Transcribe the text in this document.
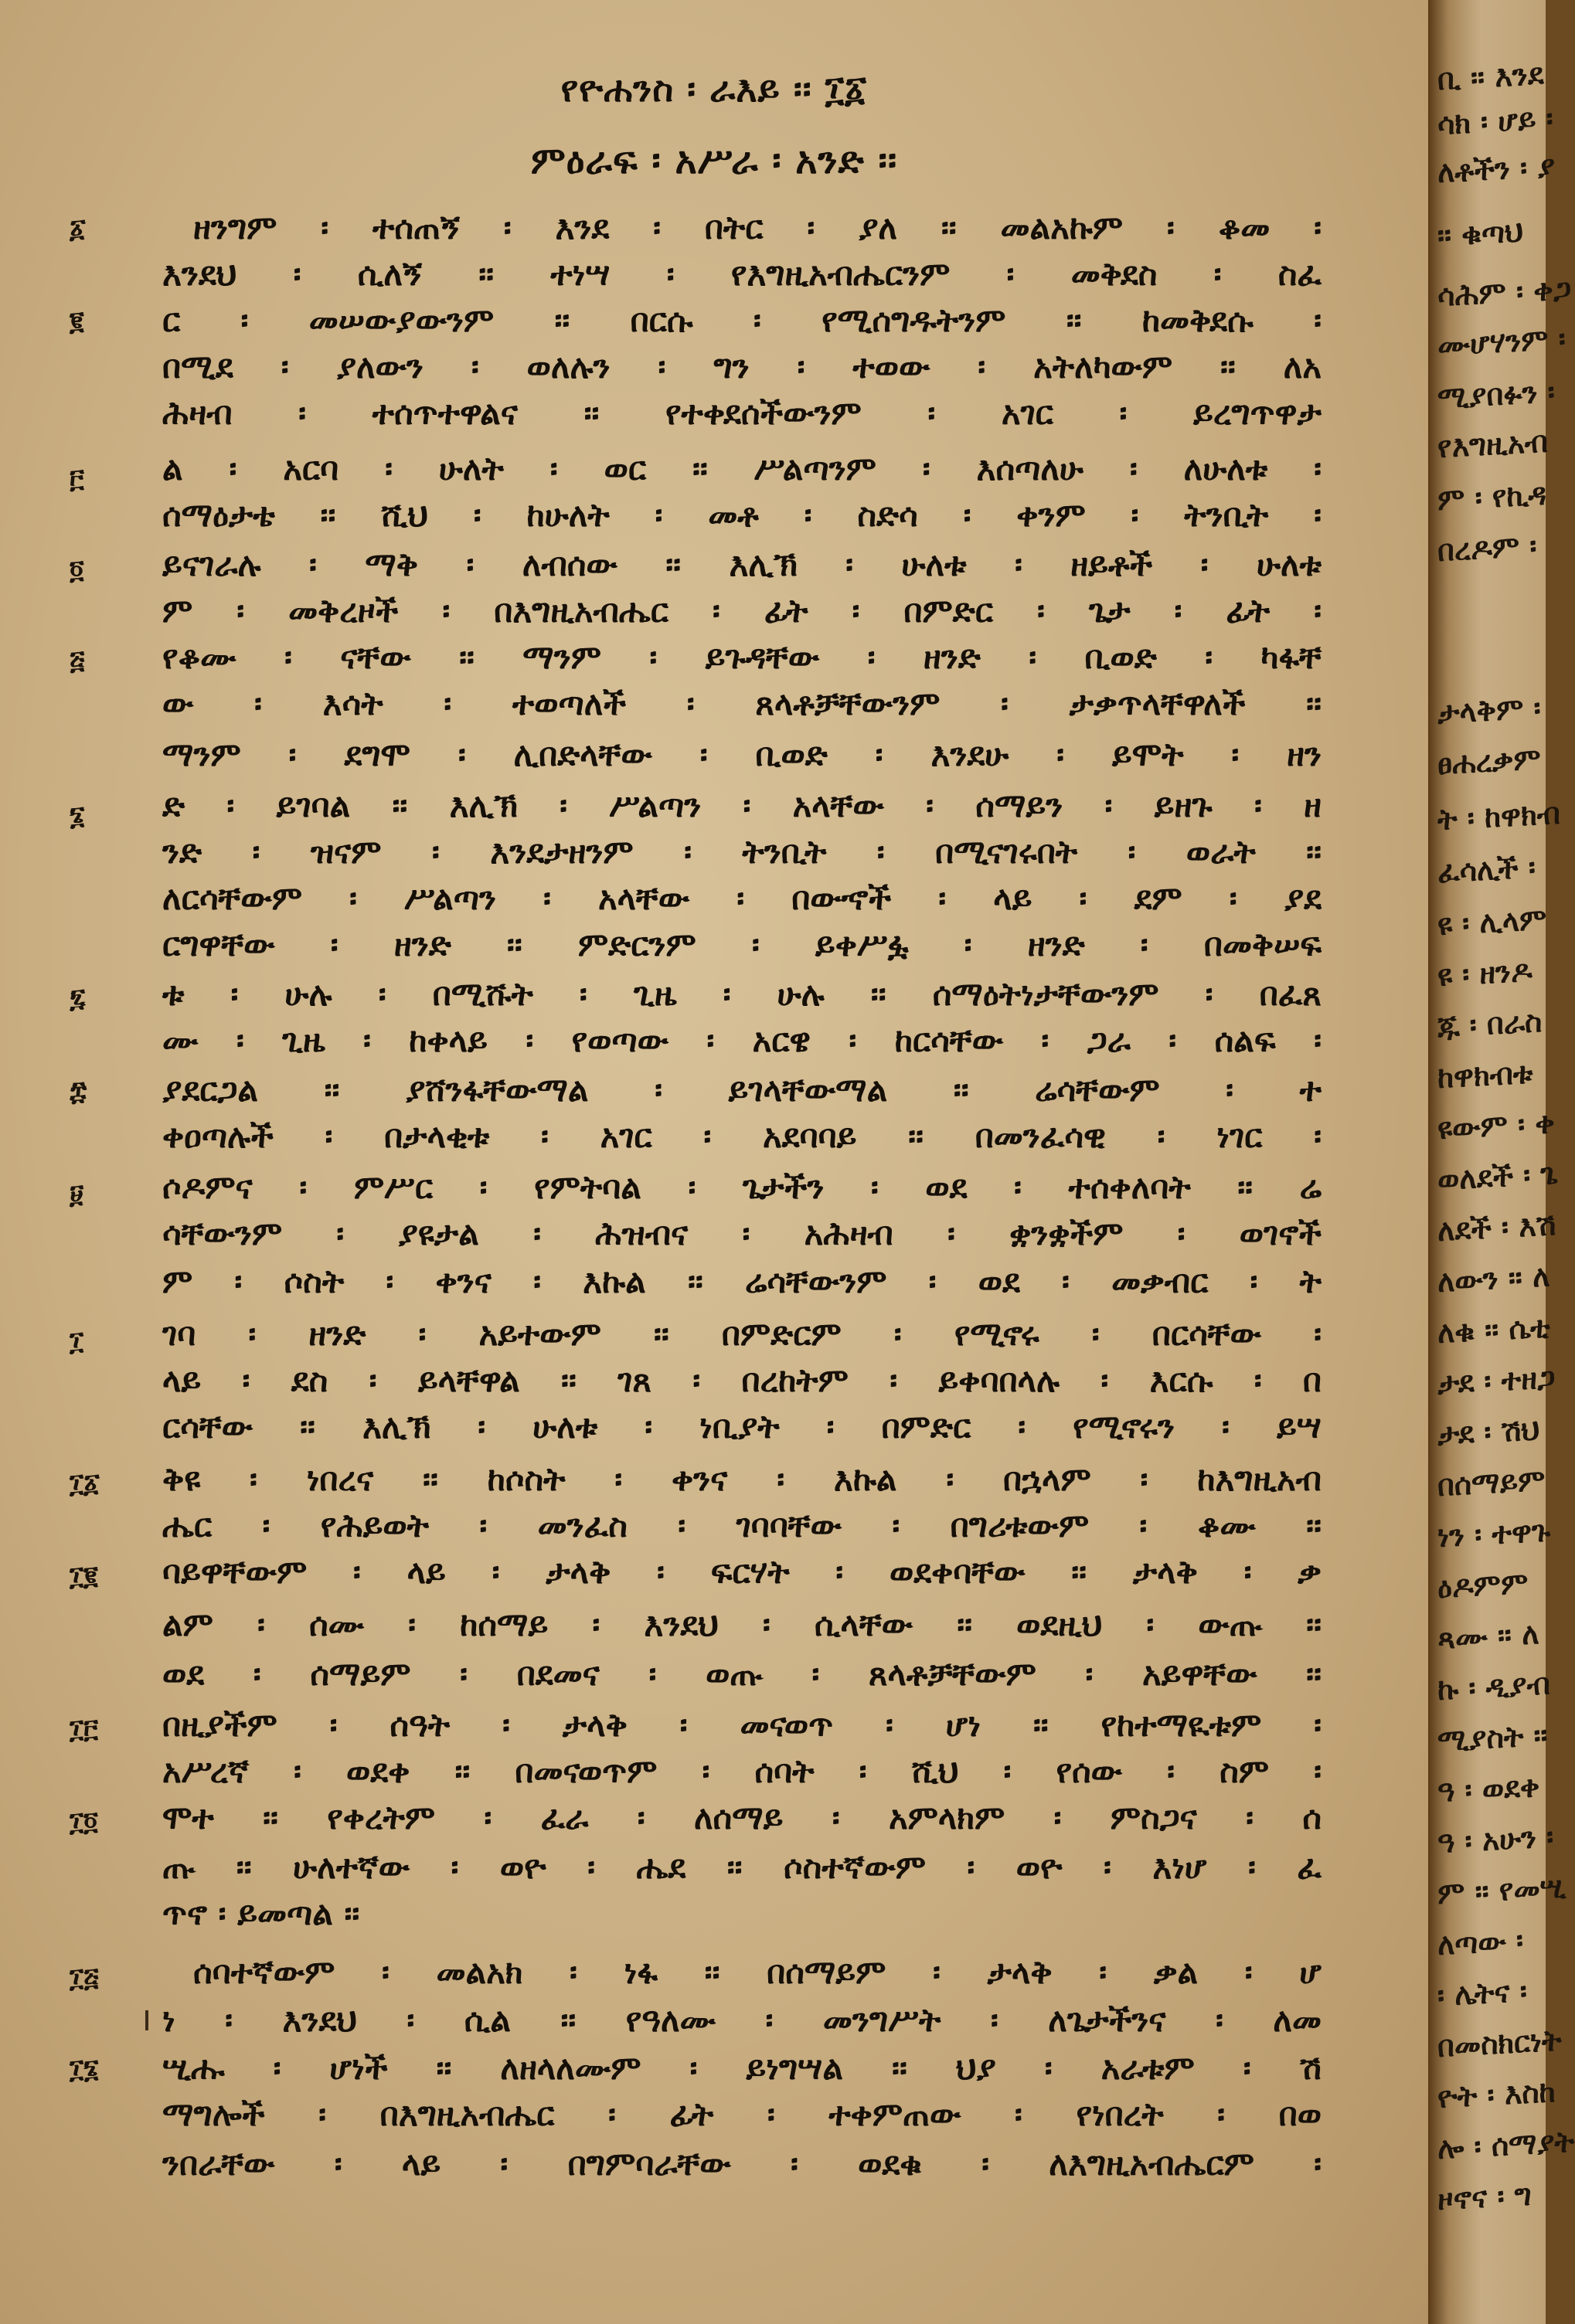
የዮሐንስ ፡ ራእይ ፡፡ ፲፩
ምዕራፍ ፡ አሥራ ፡ አንድ ፡፡
፩
፪
፫
፬
፭
፮
፯
፰
፱
፲
፲፩
፲፪
፲፫
፲፬
፲፭
፲፮
ዘንግም ፡ ተሰጠኝ ፡ እንደ ፡ በትር ፡ ያለ ፡፡ መልአኩም ፡ ቆመ ፡
እንደህ ፡ ሲለኝ ፡፡ ተነሣ ፡ የእግዚአብሔርንም ፡ መቅደስ ፡ ስፈ
ር ፡ መሠውያውንም ፡፡ በርሱ ፡ የሚሰግዱትንም ፡፡ ከመቅደሱ ፡
በሚደ ፡ ያለውን ፡ ወለሉን ፡ ግን ፡ ተወው ፡ አትለካውም ፡፡ ለአ
ሕዛብ ፡ ተሰጥተዋልና ፡፡ የተቀደሰችውንም ፡ አገር ፡ ይረግጥዋታ
ል ፡ አርባ ፡ ሁለት ፡ ወር ፡፡ ሥልጣንም ፡ እሰጣለሁ ፡ ለሁለቱ ፡
ሰማዕታቴ ፡፡ ሺህ ፡ ከሁለት ፡ መቶ ፡ ስድሳ ፡ ቀንም ፡ ትንቢት ፡
ይናገራሉ ፡ ማቅ ፡ ለብሰው ፡፡ እሊኽ ፡ ሁለቱ ፡ ዘይቶች ፡ ሁለቱ
ም ፡ መቅረዞች ፡ በእግዚአብሔር ፡ ፊት ፡ በምድር ፡ ጌታ ፡ ፊት ፡
የቆሙ ፡ ናቸው ፡፡ ማንም ፡ ይጉዳቸው ፡ ዘንድ ፡ ቢወድ ፡ ካፋቸ
ው ፡ እሳት ፡ ተወጣለች ፡ ጸላቶቻቸውንም ፡ ታቃጥላቸዋለች ፡፡
ማንም ፡ ደግሞ ፡ ሊበድላቸው ፡ ቢወድ ፡ እንደሁ ፡ ይሞት ፡ ዘን
ድ ፡ ይገባል ፡፡ እሊኽ ፡ ሥልጣን ፡ አላቸው ፡ ሰማይን ፡ ይዘጉ ፡ ዘ
ንድ ፡ ዝናም ፡ እንደታዘንም ፡ ትንቢት ፡ በሚናገሩበት ፡ ወራት ፡፡
ለርሳቸውም ፡ ሥልጣን ፡ አላቸው ፡ በውኆች ፡ ላይ ፡ ደም ፡ ያደ
ርግዋቸው ፡ ዘንድ ፡፡ ምድርንም ፡ ይቀሥፏ ፡ ዘንድ ፡ በመቅሠፍ
ቱ ፡ ሁሉ ፡ በሚሹት ፡ ጊዜ ፡ ሁሉ ፡፡ ሰማዕትነታቸውንም ፡ በፈጸ
ሙ ፡ ጊዜ ፡ ከቀላይ ፡ የወጣው ፡ አርዌ ፡ ከርሳቸው ፡ ጋራ ፡ ሰልፍ ፡
ያደርጋል ፡፡ ያሸንፋቸውማል ፡ ይገላቸውማል ፡፡ ሬሳቸውም ፡ ተ
ቀዐጣሉች ፡ በታላቂቱ ፡ አገር ፡ አደባባይ ፡፡ በመንፈሳዊ ፡ ነገር ፡
ሶዶምና ፡ ምሥር ፡ የምትባል ፡ ጌታችን ፡ ወደ ፡ ተሰቀለባት ፡፡ ሬ
ሳቸውንም ፡ ያዩታል ፡ ሕዝብና ፡ አሕዛብ ፡ ቋንቋችም ፡ ወገኖች
ም ፡ ሶስት ፡ ቀንና ፡ እኩል ፡፡ ሬሳቸውንም ፡ ወደ ፡ መቃብር ፡ ት
ገባ ፡ ዘንድ ፡ አይተውም ፡፡ በምድርም ፡ የሚኖሩ ፡ በርሳቸው ፡
ላይ ፡ ደስ ፡ ይላቸዋል ፡፡ ገጸ ፡ በረከትም ፡ ይቀባበላሉ ፡ እርሱ ፡ በ
ርሳቸው ፡፡ እሊኽ ፡ ሁለቱ ፡ ነቢያት ፡ በምድር ፡ የሚኖሩን ፡ ይሣ
ቅዩ ፡ ነበረና ፡፡ ከሶስት ፡ ቀንና ፡ እኩል ፡ በኋላም ፡ ከእግዚአብ
ሔር ፡ የሕይወት ፡ መንፈስ ፡ ገባባቸው ፡ በግሪቱውም ፡ ቆሙ ፡፡
ባይዋቸውም ፡ ላይ ፡ ታላቅ ፡ ፍርሃት ፡ ወደቀባቸው ፡፡ ታላቅ ፡ ቃ
ልም ፡ ሰሙ ፡ ከሰማይ ፡ እንደህ ፡ ሲላቸው ፡፡ ወደዚህ ፡ ውጡ ፡፡
ወደ ፡ ሰማይም ፡ በደመና ፡ ወጡ ፡ ጸላቶቻቸውም ፡ አይዋቸው ፡፡
በዚያችም ፡ ሰዓት ፡ ታላቅ ፡ መናወጥ ፡ ሆነ ፡፡ የከተማዪቱም ፡
አሥረኛ ፡ ወደቀ ፡፡ በመናወጥም ፡ ሰባት ፡ ሺህ ፡ የሰው ፡ ስም ፡
ሞተ ፡፡ የቀረትም ፡ ፈራ ፡ ለሰማይ ፡ አምላክም ፡ ምስጋና ፡ ሰ
ጡ ፡፡ ሁለተኛው ፡ ወዮ ፡ ሔደ ፡፡ ሶስተኛውም ፡ ወዮ ፡ እነሆ ፡ ፈ
ጥኖ ፡ ይመጣል ፡፡
ሰባተኛውም ፡ መልአክ ፡ ነፋ ፡፡ በሰማይም ፡ ታላቅ ፡ ቃል ፡ ሆ
ነ ፡ እንደህ ፡ ሲል ፡፡ የዓለሙ ፡ መንግሥት ፡ ለጌታችንና ፡ ለመ
ሢሑ ፡ ሆነች ፡፡ ለዘላለሙም ፡ ይነግሣል ፡፡ ህያ ፡ አራቱም ፡ ሽ
ማግሎች ፡ በእግዚአብሔር ፡ ፊት ፡ ተቀምጠው ፡ የነበረት ፡ በወ
ንበራቸው ፡ ላይ ፡ በግምባራቸው ፡ ወደቁ ፡ ለእግዚአብሔርም ፡
ቢ ፡፡ እንደ
ሳክ ፡ ሆይ ፡
ለቶችን ፡ ያ
፡፡ ቁጣህ
ሳሕም ፡ ቀጋ
ሙሆሃንም ፡
ሚያበፉን ፡
የእግዚአብ
ም ፡ የኪዳ
በረዶም ፡
ታላቅም ፡
ፀሐረቃም
ት ፡ ከዋክብ
ፈሳሊች ፡
ዩ ፡ ሊላም
ዩ ፡ ዘንዶ
ጁ ፡ በራስ
ከዋክብቱ
ዩውም ፡ ቀ
ወለደች ፡ ጌ
ለደች ፡ እሽ
ለውን ፡፡ ለ
ለቁ ፡፡ ሴቲ
ታደ ፡ ተዘጋ
ታደ ፡ ሽህ
በሰማይም
ነን ፡ ተዋጉ
ዕዶምም
ጻሙ ፡፡ ለ
ኩ ፡ ዲያብ
ሚያስት ፡፡
ዓ ፡ ወደቀ
ዓ ፡ አሁን ፡
ም ፡፡ የመሢ
ለጣው ፡
፡ ሌትና ፡
በመስክርነት
ዮት ፡ እስከ
ሎ ፡ ሰማያት
ዞኖና ፡ ግ
